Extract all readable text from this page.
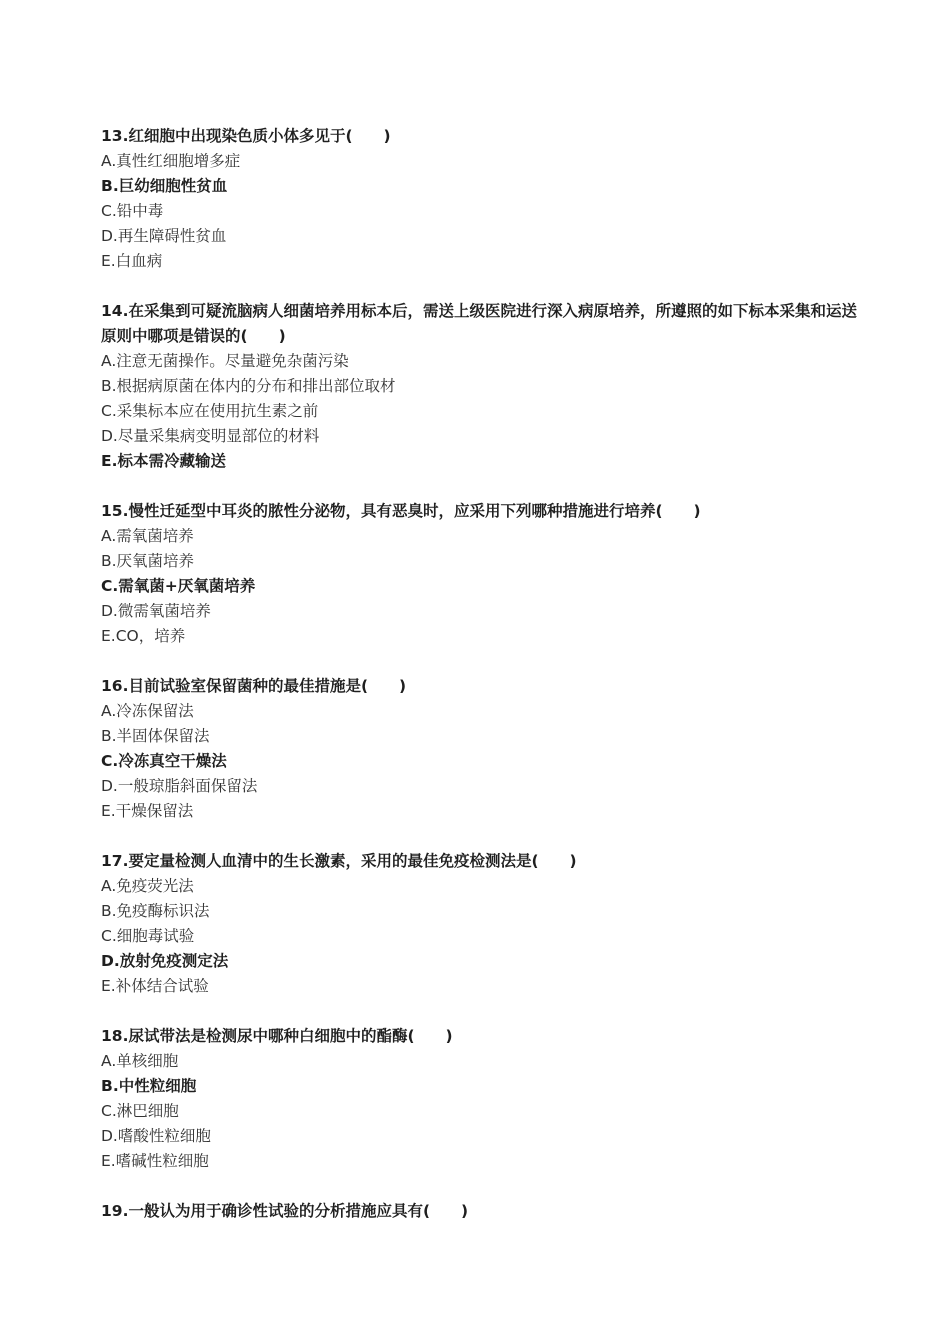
13.红细胞中出现染色质小体多见于(　　)

A.真性红细胞增多症

B.巨幼细胞性贫血

C.铅中毒

D.再生障碍性贫血

E.白血病

14.在采集到可疑流脑病人细菌培养用标本后，需送上级医院进行深入病原培养，所遵照的如下标本采集和运送原则中哪项是错误的(　　)

A.注意无菌操作。尽量避免杂菌污染

B.根据病原菌在体内的分布和排出部位取材

C.采集标本应在使用抗生素之前

D.尽量采集病变明显部位的材料

E.标本需冷藏输送

15.慢性迁延型中耳炎的脓性分泌物，具有恶臭时，应采用下列哪种措施进行培养(　　)

A.需氧菌培养

B.厌氧菌培养

C.需氧菌+厌氧菌培养

D.微需氧菌培养

E.CO，培养

16.目前试验室保留菌种的最佳措施是(　　)

A.冷冻保留法

B.半固体保留法

C.冷冻真空干燥法

D.一般琼脂斜面保留法

E.干燥保留法

17.要定量检测人血清中的生长激素，采用的最佳免疫检测法是(　　)

A.免疫荧光法

B.免疫酶标识法

C.细胞毒试验

D.放射免疫测定法

E.补体结合试验

18.尿试带法是检测尿中哪种白细胞中的酯酶(　　)

A.单核细胞

B.中性粒细胞

C.淋巴细胞

D.嗜酸性粒细胞

E.嗜碱性粒细胞

19.一般认为用于确诊性试验的分析措施应具有(　　)
